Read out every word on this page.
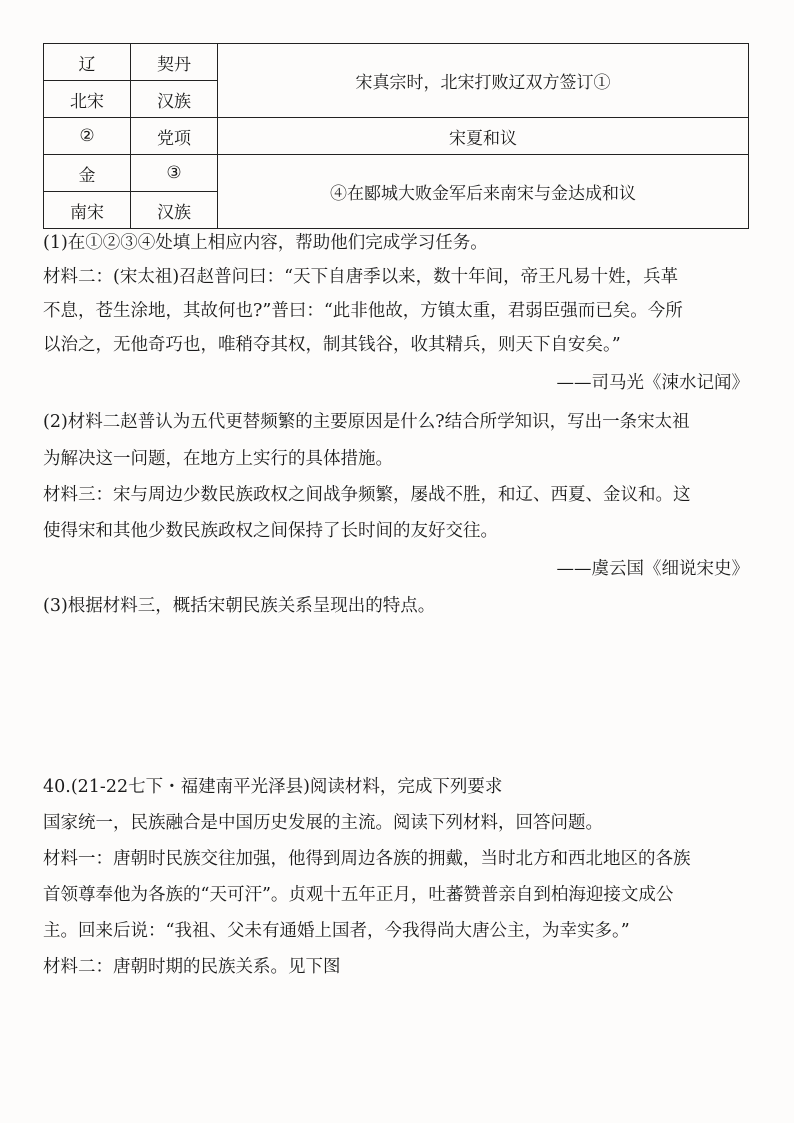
辽	契丹	宋真宗时，北宋打败辽双方签订①
北宋	汉族	
②	党项	宋夏和议
金	③	④在郾城大败金军后来南宋与金达成和议
南宋	汉族	
(1)在①②③④处填上相应内容，帮助他们完成学习任务。
材料二：(宋太祖)召赵普问曰：“天下自唐季以来，数十年间，帝王凡易十姓，兵革
不息，苍生涂地，其故何也?”普曰：“此非他故，方镇太重，君弱臣强而已矣。今所
以治之，无他奇巧也，唯稍夺其权，制其钱谷，收其精兵，则天下自安矣。”
——司马光《涑水记闻》
(2)材料二赵普认为五代更替频繁的主要原因是什么?结合所学知识，写出一条宋太祖
为解决这一问题，在地方上实行的具体措施。
材料三：宋与周边少数民族政权之间战争频繁，屡战不胜，和辽、西夏、金议和。这
使得宋和其他少数民族政权之间保持了长时间的友好交往。
——虞云国《细说宋史》
(3)根据材料三，概括宋朝民族关系呈现出的特点。
40.(21-22七下・福建南平光泽县)阅读材料，完成下列要求
国家统一，民族融合是中国历史发展的主流。阅读下列材料，回答问题。
材料一：唐朝时民族交往加强，他得到周边各族的拥戴，当时北方和西北地区的各族
首领尊奉他为各族的“天可汗”。贞观十五年正月，吐蕃赞普亲自到柏海迎接文成公
主。回来后说：“我祖、父未有通婚上国者，今我得尚大唐公主，为幸实多。”
材料二：唐朝时期的民族关系。见下图
